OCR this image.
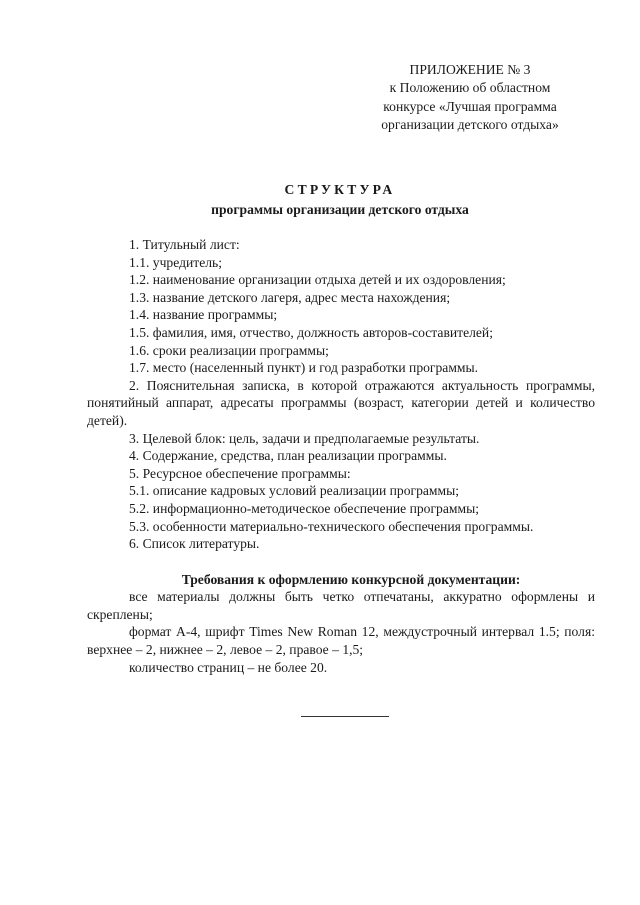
ПРИЛОЖЕНИЕ № 3
к Положению об областном
конкурсе «Лучшая программа
организации детского отдыха»
СТРУКТУРА
программы организации детского отдыха
1. Титульный лист:
1.1. учредитель;
1.2. наименование организации отдыха детей и их оздоровления;
1.3. название детского лагеря, адрес места нахождения;
1.4. название программы;
1.5. фамилия, имя, отчество, должность авторов-составителей;
1.6. сроки реализации программы;
1.7. место (населенный пункт) и год разработки программы.
2. Пояснительная записка, в которой отражаются актуальность программы, понятийный аппарат, адресаты программы (возраст, категории детей и количество детей).
3. Целевой блок: цель, задачи и предполагаемые результаты.
4. Содержание, средства, план реализации программы.
5. Ресурсное обеспечение программы:
5.1. описание кадровых условий реализации программы;
5.2. информационно-методическое обеспечение программы;
5.3. особенности материально-технического обеспечения программы.
6. Список литературы.
Требования к оформлению конкурсной документации:
все материалы должны быть четко отпечатаны, аккуратно оформлены и скреплены;
формат А-4, шрифт Times New Roman 12, междустрочный интервал 1.5; поля: верхнее – 2, нижнее – 2, левое – 2, правое – 1,5;
количество страниц – не более 20.
